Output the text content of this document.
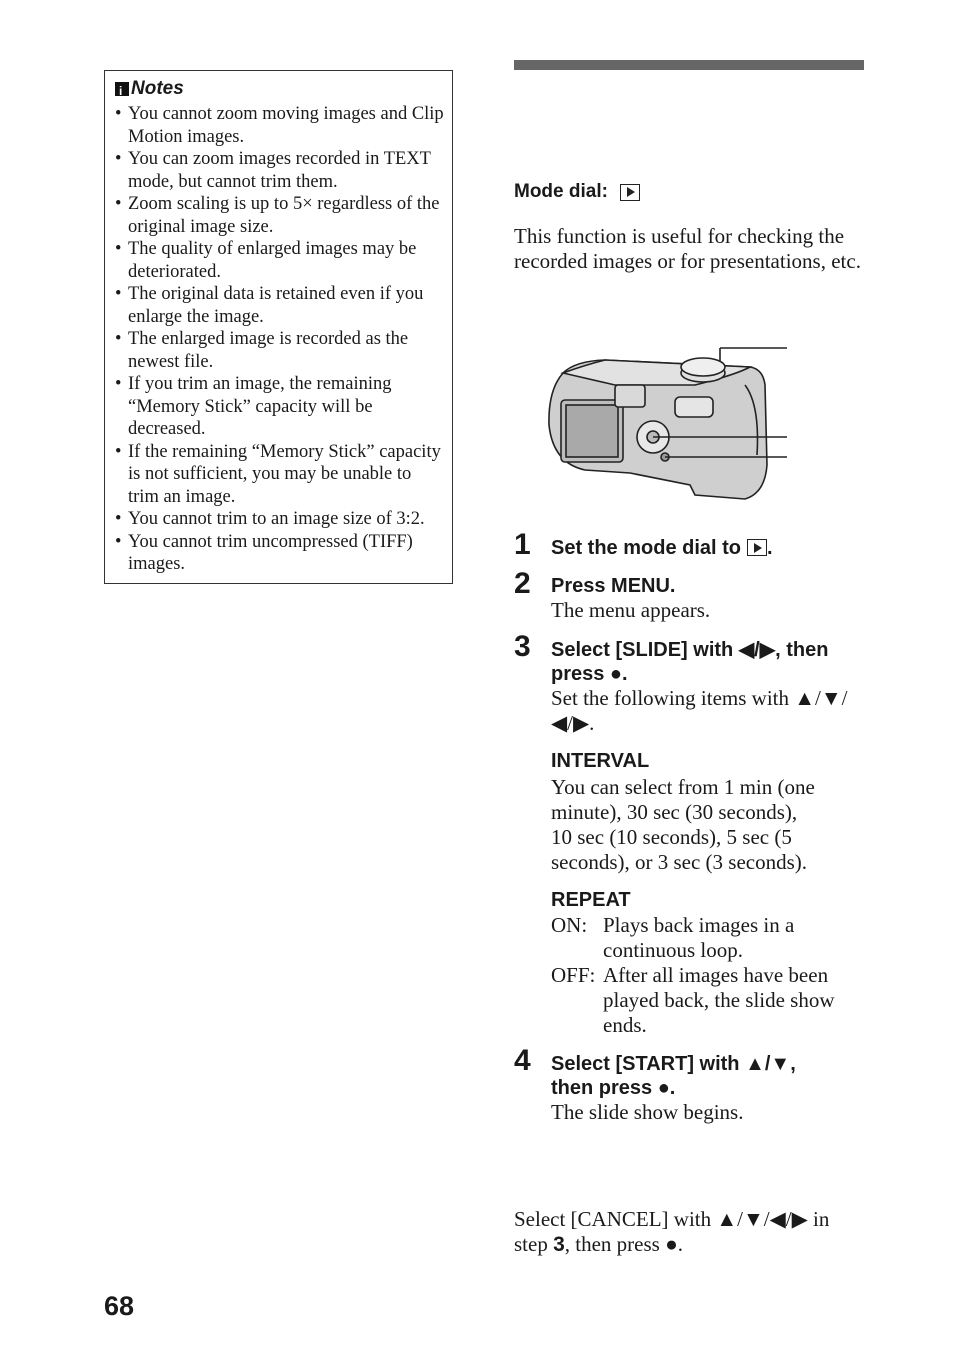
i
Notes
• You cannot zoom moving images and Clip Motion images.
• You can zoom images recorded in TEXT mode, but cannot trim them.
• Zoom scaling is up to 5× regardless of the original image size.
• The quality of enlarged images may be deteriorated.
• The original data is retained even if you enlarge the image.
• The enlarged image is recorded as the newest file.
• If you trim an image, the remaining “Memory Stick” capacity will be decreased.
• If the remaining “Memory Stick” capacity is not sufficient, you may be unable to trim an image.
• You cannot trim to an image size of 3:2.
• You cannot trim uncompressed (TIFF) images.
Mode dial:

This function is useful for checking the recorded images or for presentations, etc.

1 Set the mode dial to .
2 Press MENU.
The menu appears.
3 Select [SLIDE] with ◀/▶, then press ●.
Set the following items with ▲/▼/◀/▶.
INTERVAL
You can select from 1 min (one minute), 30 sec (30 seconds),
10 sec (10 seconds), 5 sec (5 seconds), or 3 sec (3 seconds).
REPEAT
ON: Plays back images in a continuous loop.
OFF: After all images have been played back, the slide show ends.
4 Select [START] with ▲/▼, then press ●.
The slide show begins.
Select [CANCEL] with ▲/▼/◀/▶ in step 3, then press ●.
68
